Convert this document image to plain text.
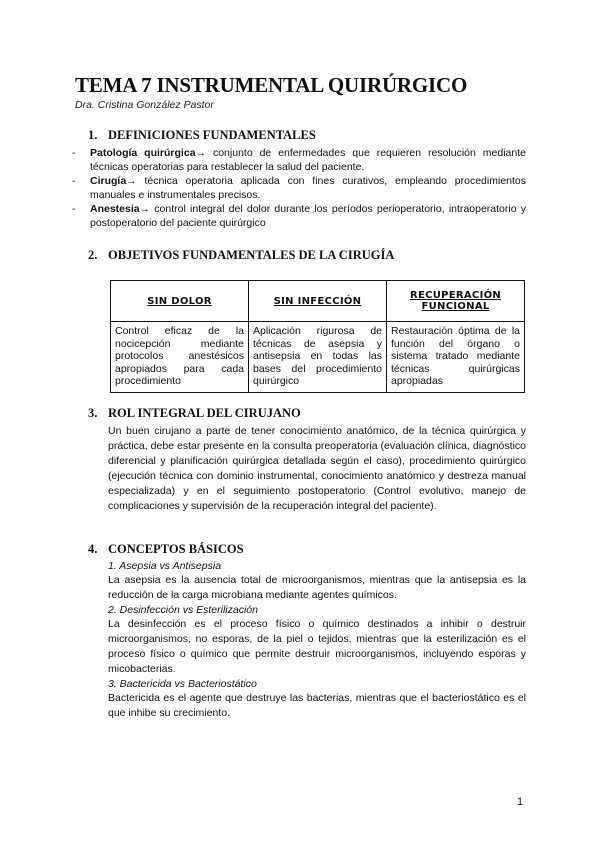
TEMA 7 INSTRUMENTAL QUIRÚRGICO
Dra. Cristina González Pastor
1. DEFINICIONES FUNDAMENTALES
-	Patología quirúrgica→ conjunto de enfermedades que requieren resolución mediante técnicas operatorias para restablecer la salud del paciente.
-	Cirugía→ técnica operatoria aplicada con fines curativos, empleando procedimientos manuales e instrumentales precisos.
-	Anestesia→ control integral del dolor durante los períodos perioperatorio, intraoperatorio y postoperatorio del paciente quirúrgico
2. OBJETIVOS FUNDAMENTALES DE LA CIRUGÍA
SIN DOLOR	SIN INFECCIÓN	RECUPERACIÓN FUNCIONAL
Control eficaz de la nocicepción mediante protocolos anestésicos apropiados para cada procedimiento	Aplicación rigurosa de técnicas de asepsia y antisepsia en todas las bases del procedimiento quirúrgico	Restauración óptima de la función del órgano o sistema tratado mediante técnicas quirúrgicas apropiadas
3. ROL INTEGRAL DEL CIRUJANO
Un buen cirujano a parte de tener conocimiento anatómico, de la técnica quirúrgica y práctica, debe estar presente en la consulta preoperatoria (evaluación clínica, diagnóstico diferencial y planificación quirúrgica detallada según el caso), procedimiento quirúrgico (ejecución técnica con dominio instrumental, conocimiento anatómico y destreza manual especializada) y en el seguimiento postoperatorio (Control evolutivo, manejo de complicaciones y supervisión de la recuperación integral del paciente).
4. CONCEPTOS BÁSICOS
1. Asepsia vs Antisepsia
La asepsia es la ausencia total de microorganismos, mientras que la antisepsia es la reducción de la carga microbiana mediante agentes químicos.
2. Desinfección vs Esterilización
La desinfección es el proceso físico o químico destinados a inhibir o destruir microorganismos, no esporas, de la piel o tejidos, mientras que la esterilización es el proceso físico o químico que permite destruir microorganismos, incluyendo esporas y micobacterias.
3. Bactericida vs Bacteriostático
Bactericida es el agente que destruye las bacterias, mientras que el bacteriostático es el que inhibe su crecimiento.
1
